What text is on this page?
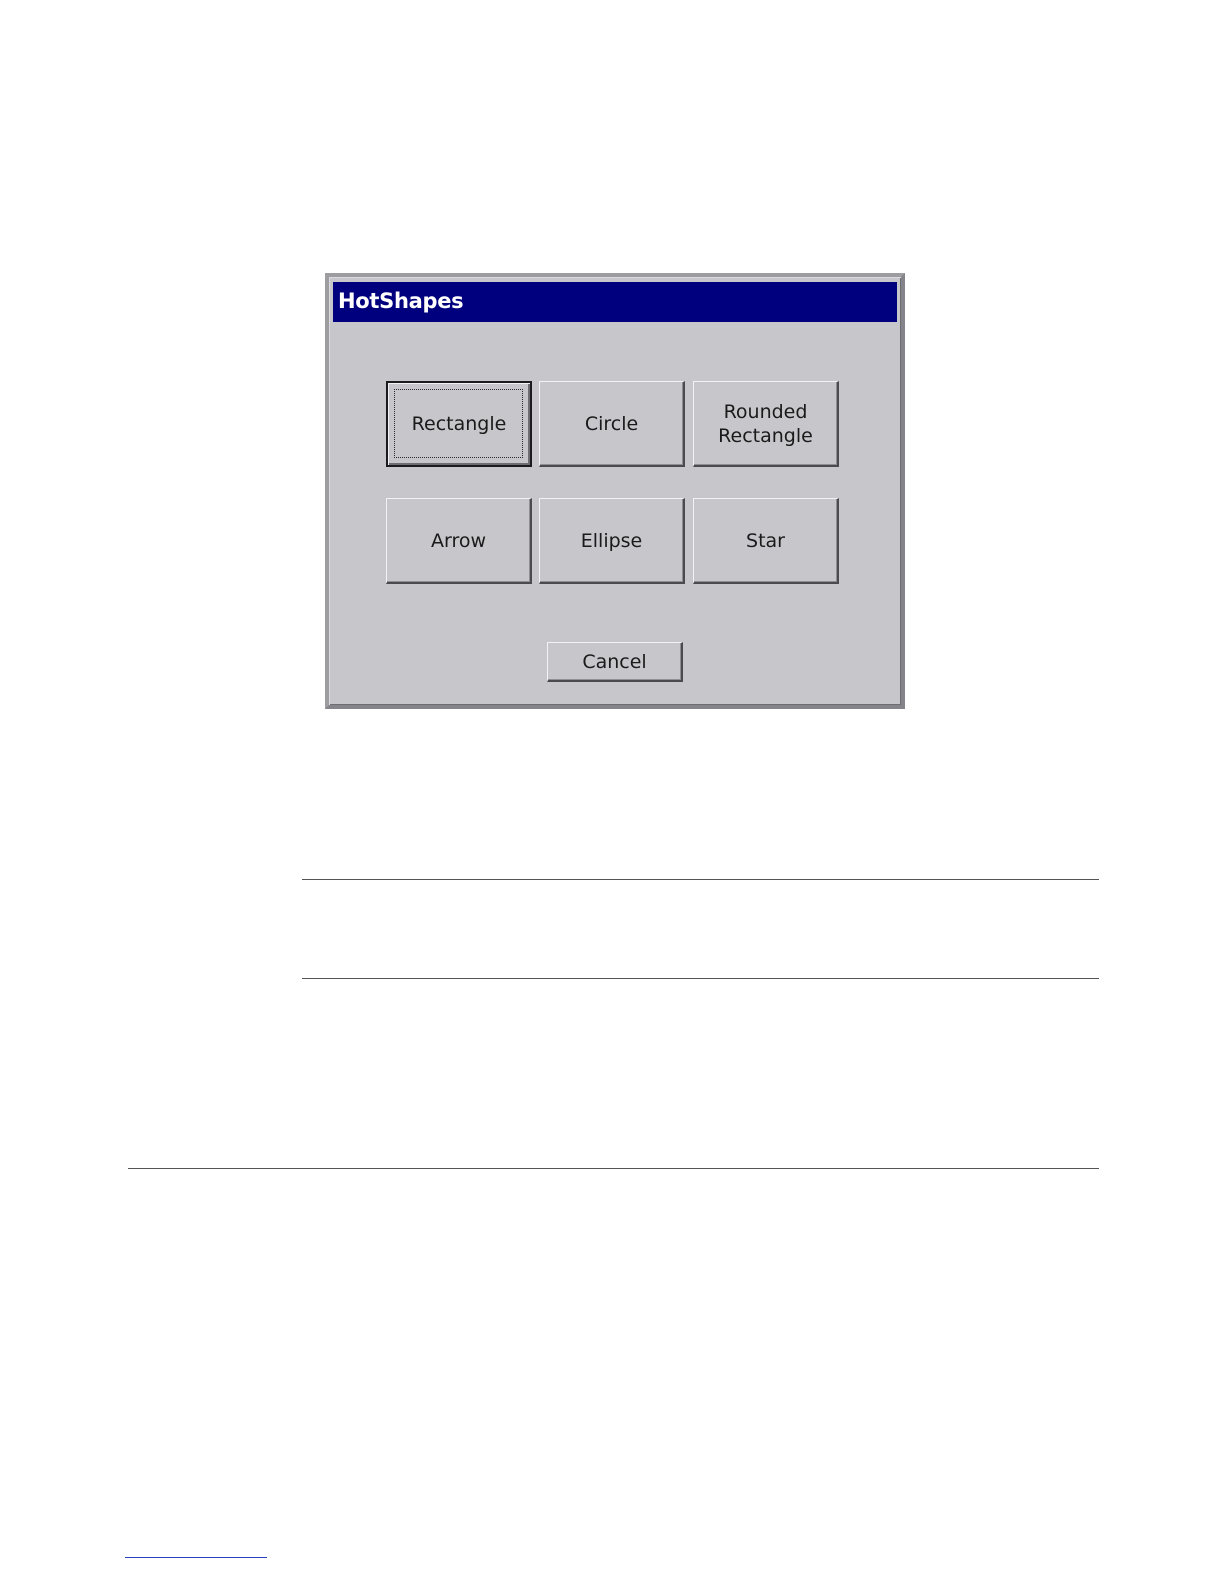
HotShapes
Rectangle	Circle
Rounded
Rectangle
Arrow	Ellipse	Star
Cancel
